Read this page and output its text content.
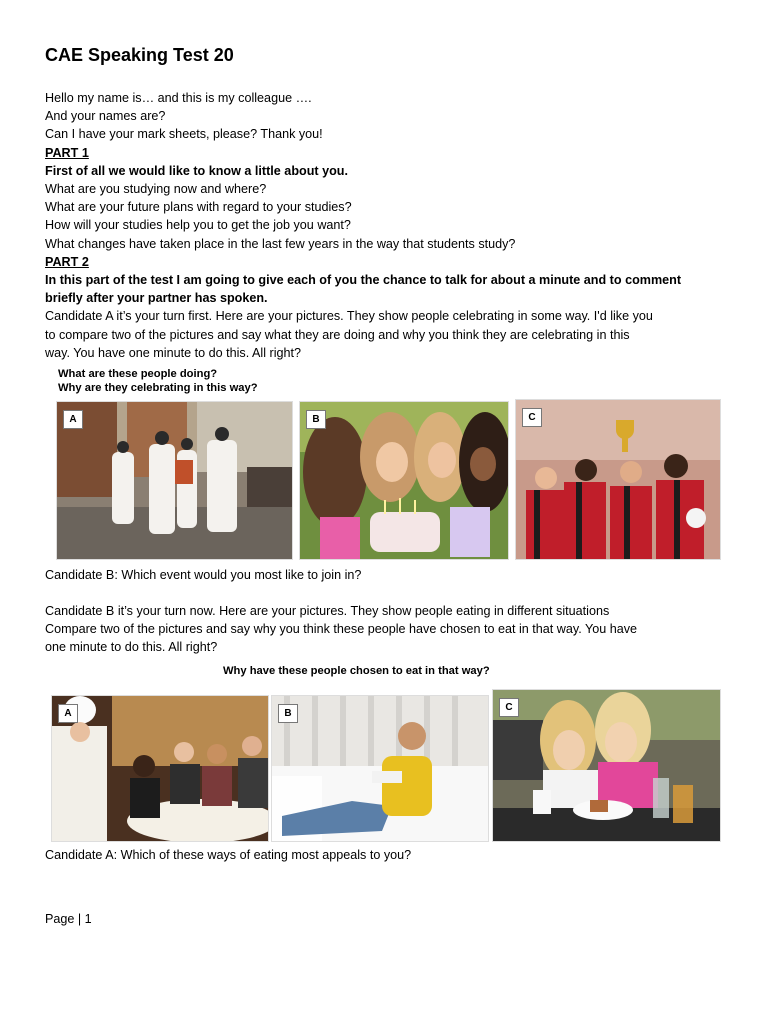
CAE Speaking Test 20

Hello my name is… and this is my colleague ….

And your names are?

Can I have your mark sheets, please? Thank you!

PART 1

First of all we would like to know a little about you.

What are you studying now and where?

What are your future plans with regard to your studies?

How will your studies help you to get the job you want?

What changes have taken place in the last few years in the way that students study?

PART 2

In this part of the test I am going to give each of you the chance to talk for about a minute and to comment

briefly after your partner has spoken.

Candidate A it’s your turn first. Here are your pictures. They show people celebrating in some way. I'd like you

to compare two of the pictures and say what they are doing and why you think they are celebrating in this

way. You have one minute to do this. All right?

What are these people doing?
Why are they celebrating in this way?
A	B	C

Candidate B: Which event would you most like to join in?

Candidate B it’s your turn now. Here are your pictures. They show people eating in different situations

Compare two of the pictures and say why you think these people have chosen to eat in that way. You have

one minute to do this. All right?

Why have these people chosen to eat in that way?
A	B
C

Candidate A: Which of these ways of eating most appeals to you?

Page | 1
